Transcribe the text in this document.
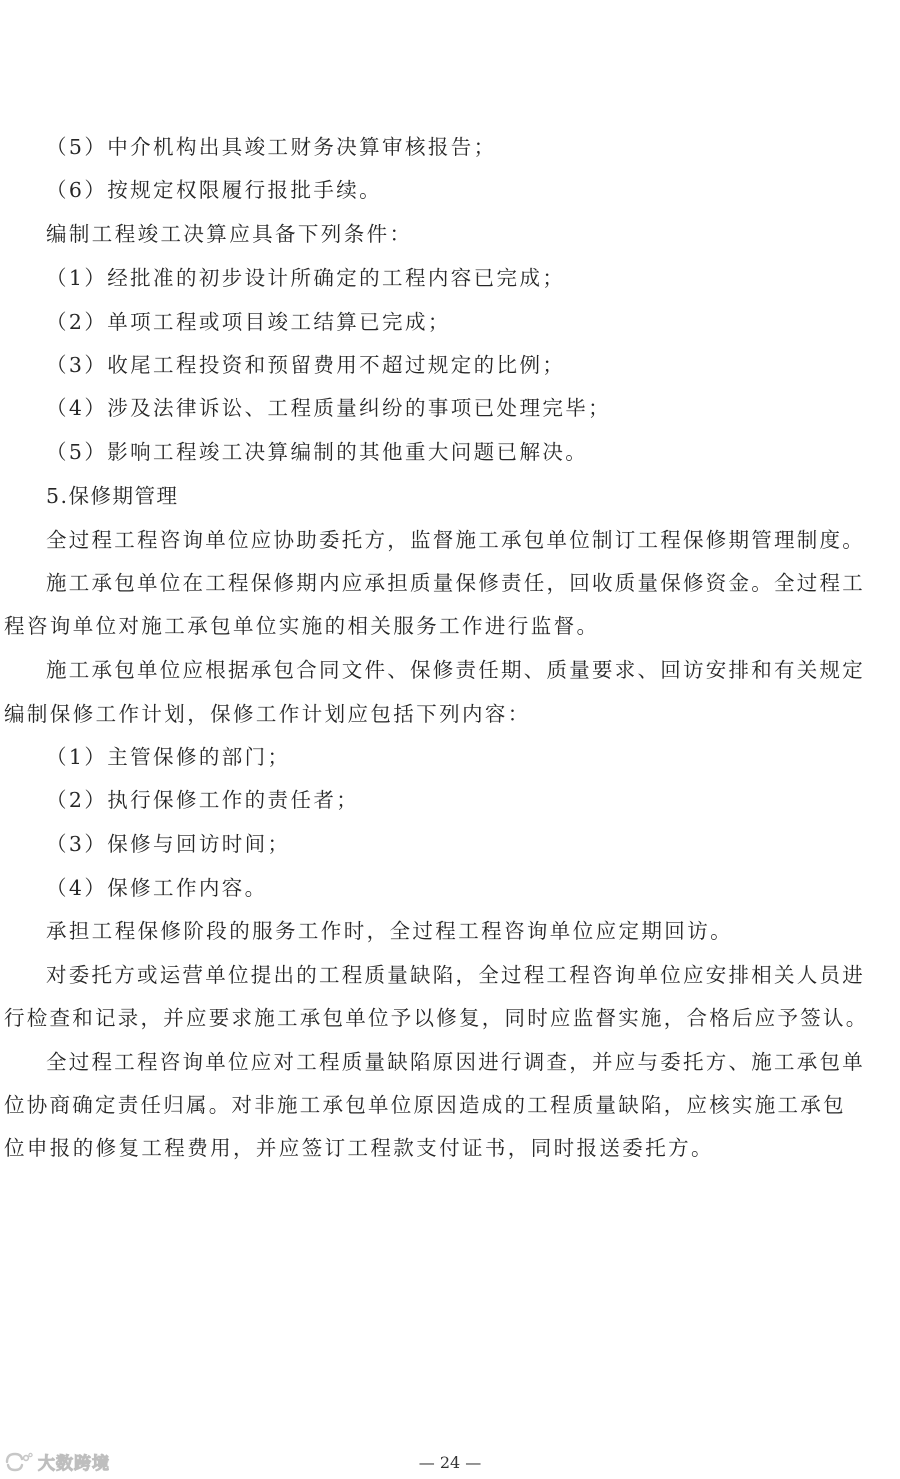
（5）中介机构出具竣工财务决算审核报告；
（6）按规定权限履行报批手续。
编制工程竣工决算应具备下列条件：
（1）经批准的初步设计所确定的工程内容已完成；
（2）单项工程或项目竣工结算已完成；
（3）收尾工程投资和预留费用不超过规定的比例；
（4）涉及法律诉讼、工程质量纠纷的事项已处理完毕；
（5）影响工程竣工决算编制的其他重大问题已解决。
5.保修期管理
全过程工程咨询单位应协助委托方，监督施工承包单位制订工程保修期管理制度。
施工承包单位在工程保修期内应承担质量保修责任，回收质量保修资金。全过程工
程咨询单位对施工承包单位实施的相关服务工作进行监督。
施工承包单位应根据承包合同文件、保修责任期、质量要求、回访安排和有关规定
编制保修工作计划，保修工作计划应包括下列内容：
（1）主管保修的部门；
（2）执行保修工作的责任者；
（3）保修与回访时间；
（4）保修工作内容。
承担工程保修阶段的服务工作时，全过程工程咨询单位应定期回访。
对委托方或运营单位提出的工程质量缺陷，全过程工程咨询单位应安排相关人员进
行检查和记录，并应要求施工承包单位予以修复，同时应监督实施，合格后应予签认。
全过程工程咨询单位应对工程质量缺陷原因进行调查，并应与委托方、施工承包单
位协商确定责任归属。对非施工承包单位原因造成的工程质量缺陷，应核实施工承包
位申报的修复工程费用，并应签订工程款支付证书，同时报送委托方。
— 24 —
大数跨境
